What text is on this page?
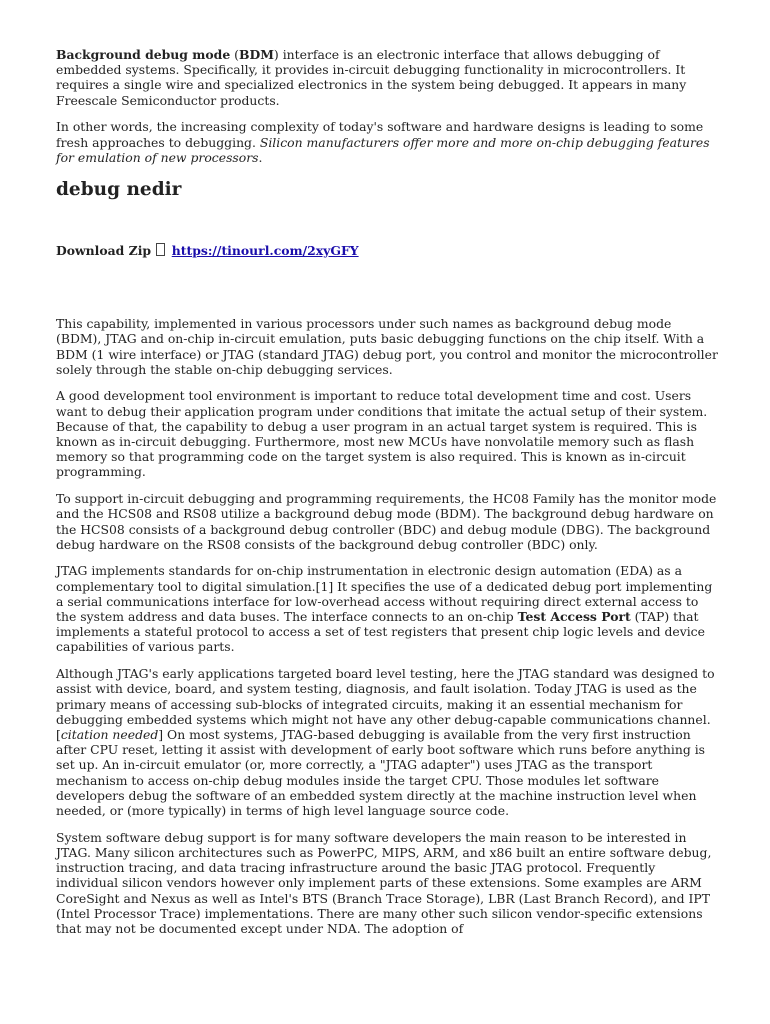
Background debug mode (BDM) interface is an electronic interface that allows debugging of embedded systems. Specifically, it provides in-circuit debugging functionality in microcontrollers. It requires a single wire and specialized electronics in the system being debugged. It appears in many Freescale Semiconductor products.

In other words, the increasing complexity of today's software and hardware designs is leading to some fresh approaches to debugging. Silicon manufacturers offer more and more on-chip debugging features for emulation of new processors.

debug nedir
Download Zip https://tinourl.com/2xyGFY

This capability, implemented in various processors under such names as background debug mode (BDM), JTAG and on-chip in-circuit emulation, puts basic debugging functions on the chip itself. With a BDM (1 wire interface) or JTAG (standard JTAG) debug port, you control and monitor the microcontroller solely through the stable on-chip debugging services.

A good development tool environment is important to reduce total development time and cost. Users want to debug their application program under conditions that imitate the actual setup of their system. Because of that, the capability to debug a user program in an actual target system is required. This is known as in-circuit debugging. Furthermore, most new MCUs have nonvolatile memory such as flash memory so that programming code on the target system is also required. This is known as in-circuit programming.

To support in-circuit debugging and programming requirements, the HC08 Family has the monitor mode and the HCS08 and RS08 utilize a background debug mode (BDM). The background debug hardware on the HCS08 consists of a background debug controller (BDC) and debug module (DBG). The background debug hardware on the RS08 consists of the background debug controller (BDC) only.

JTAG implements standards for on-chip instrumentation in electronic design automation (EDA) as a complementary tool to digital simulation.[1] It specifies the use of a dedicated debug port implementing a serial communications interface for low-overhead access without requiring direct external access to the system address and data buses. The interface connects to an on-chip Test Access Port (TAP) that implements a stateful protocol to access a set of test registers that present chip logic levels and device capabilities of various parts.

Although JTAG's early applications targeted board level testing, here the JTAG standard was designed to assist with device, board, and system testing, diagnosis, and fault isolation. Today JTAG is used as the primary means of accessing sub-blocks of integrated circuits, making it an essential mechanism for debugging embedded systems which might not have any other debug-capable communications channel.[citation needed] On most systems, JTAG-based debugging is available from the very first instruction after CPU reset, letting it assist with development of early boot software which runs before anything is set up. An in-circuit emulator (or, more correctly, a "JTAG adapter") uses JTAG as the transport mechanism to access on-chip debug modules inside the target CPU. Those modules let software developers debug the software of an embedded system directly at the machine instruction level when needed, or (more typically) in terms of high level language source code.

System software debug support is for many software developers the main reason to be interested in JTAG. Many silicon architectures such as PowerPC, MIPS, ARM, and x86 built an entire software debug, instruction tracing, and data tracing infrastructure around the basic JTAG protocol. Frequently individual silicon vendors however only implement parts of these extensions. Some examples are ARM CoreSight and Nexus as well as Intel's BTS (Branch Trace Storage), LBR (Last Branch Record), and IPT (Intel Processor Trace) implementations. There are many other such silicon vendor-specific extensions that may not be documented except under NDA. The adoption of
